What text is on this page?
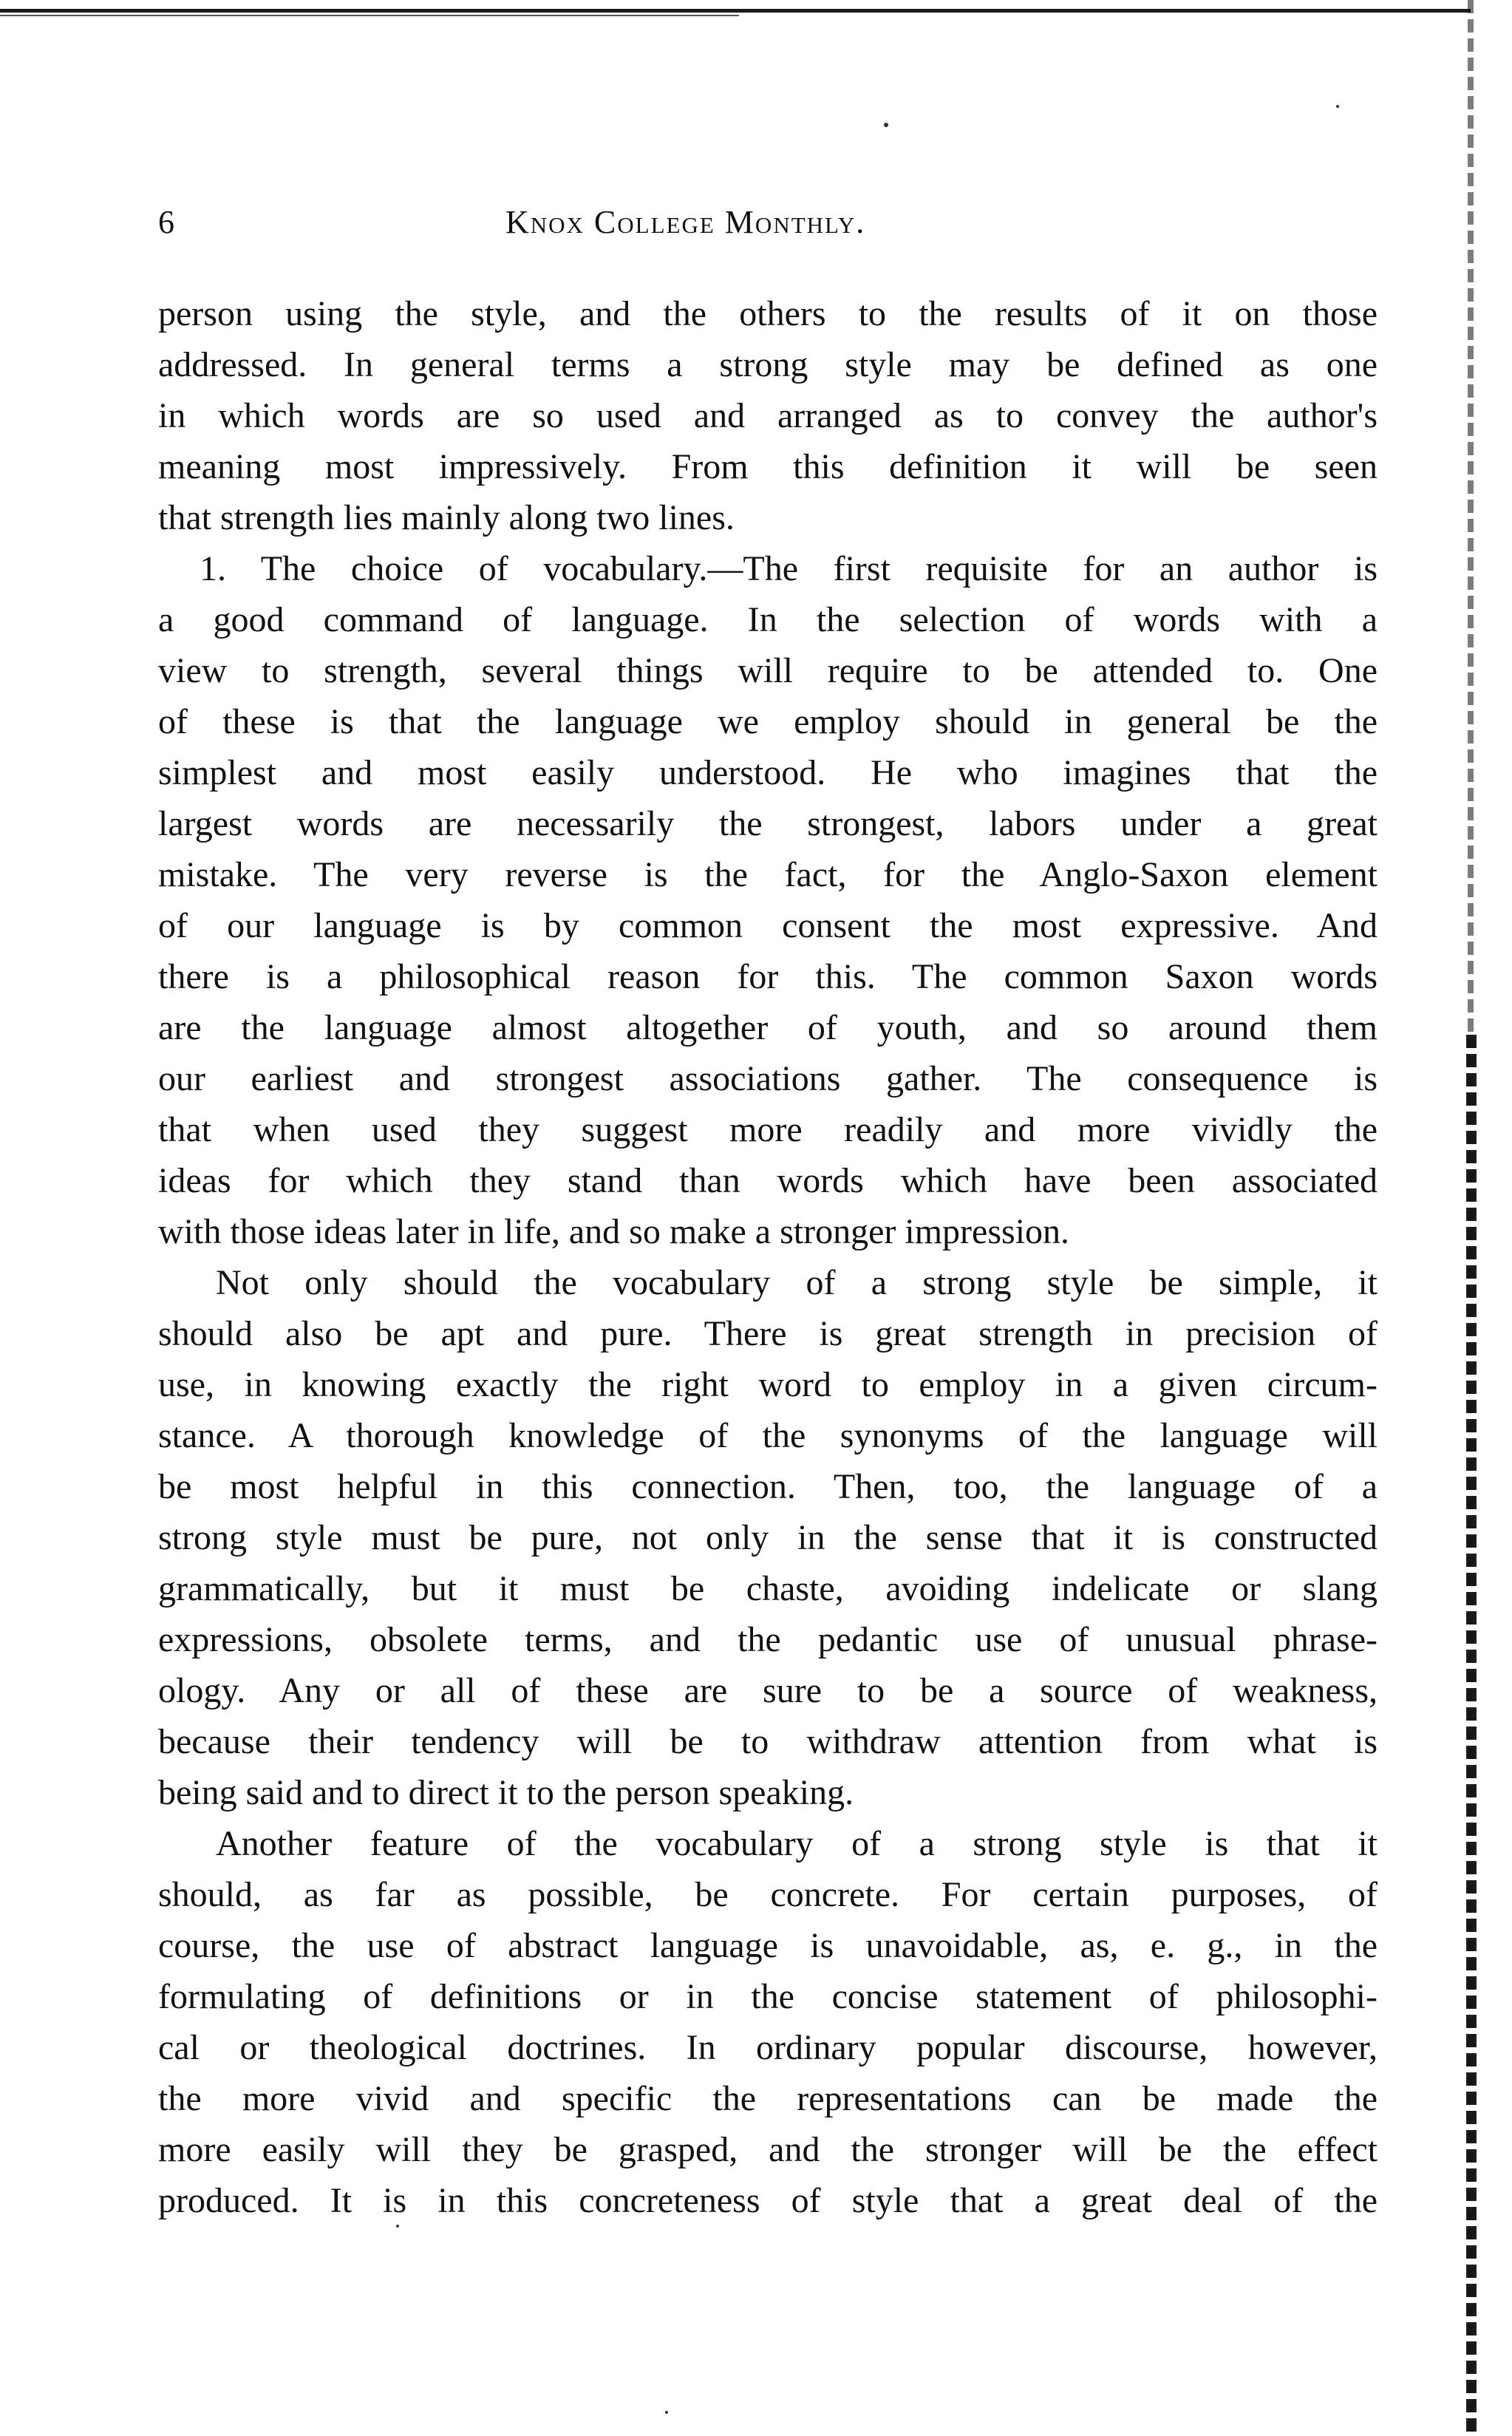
6	Knox College Monthly.
person using the style, and the others to the results of it on those
addressed. In general terms a strong style may be defined as one
in which words are so used and arranged as to convey the author's
meaning most impressively. From this definition it will be seen
that strength lies mainly along two lines.
1. The choice of vocabulary.—The first requisite for an author is
a good command of language. In the selection of words with a
view to strength, several things will require to be attended to. One
of these is that the language we employ should in general be the
simplest and most easily understood. He who imagines that the
largest words are necessarily the strongest, labors under a great
mistake. The very reverse is the fact, for the Anglo-Saxon element
of our language is by common consent the most expressive. And
there is a philosophical reason for this. The common Saxon words
are the language almost altogether of youth, and so around them
our earliest and strongest associations gather. The consequence is
that when used they suggest more readily and more vividly the
ideas for which they stand than words which have been associated
with those ideas later in life, and so make a stronger impression.
Not only should the vocabulary of a strong style be simple, it
should also be apt and pure. There is great strength in precision of
use, in knowing exactly the right word to employ in a given circum-
stance. A thorough knowledge of the synonyms of the language will
be most helpful in this connection. Then, too, the language of a
strong style must be pure, not only in the sense that it is constructed
grammatically, but it must be chaste, avoiding indelicate or slang
expressions, obsolete terms, and the pedantic use of unusual phrase-
ology. Any or all of these are sure to be a source of weakness,
because their tendency will be to withdraw attention from what is
being said and to direct it to the person speaking.
Another feature of the vocabulary of a strong style is that it
should, as far as possible, be concrete. For certain purposes, of
course, the use of abstract language is unavoidable, as, e. g., in the
formulating of definitions or in the concise statement of philosophi-
cal or theological doctrines. In ordinary popular discourse, however,
the more vivid and specific the representations can be made the
more easily will they be grasped, and the stronger will be the effect
produced. It is in this concreteness of style that a great deal of the
